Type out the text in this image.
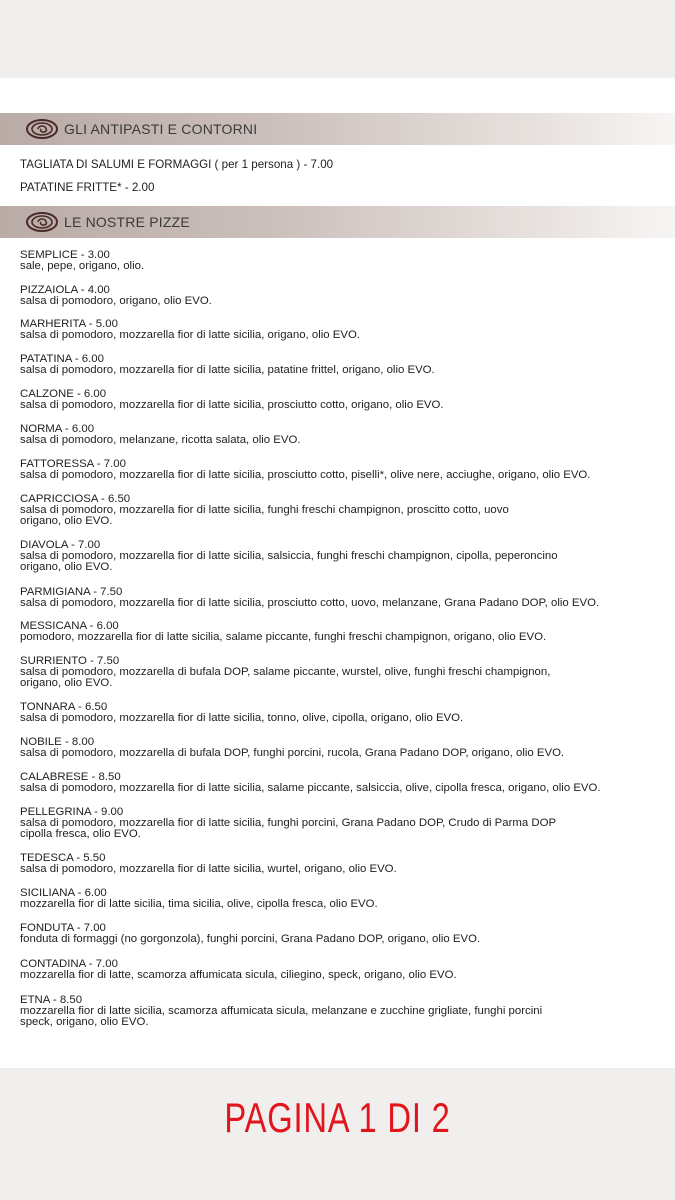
GLI ANTIPASTI E CONTORNI
TAGLIATA DI SALUMI E FORMAGGI ( per 1 persona ) - 7.00
PATATINE FRITTE* - 2.00
LE NOSTRE PIZZE
SEMPLICE - 3.00
sale, pepe, origano, olio.
PIZZAIOLA - 4.00
salsa di pomodoro, origano, olio EVO.
MARHERITA - 5.00
salsa di pomodoro, mozzarella fior di latte sicilia, origano, olio EVO.
PATATINA - 6.00
salsa di pomodoro, mozzarella fior di latte sicilia, patatine frittel, origano, olio EVO.
CALZONE - 6.00
salsa di pomodoro, mozzarella fior di latte sicilia, prosciutto cotto, origano, olio EVO.
NORMA - 6.00
salsa di pomodoro, melanzane, ricotta salata, olio EVO.
FATTORESSA - 7.00
salsa di pomodoro, mozzarella fior di latte sicilia, prosciutto cotto, piselli*, olive nere, acciughe, origano, olio EVO.
CAPRICCIOSA - 6.50
salsa di pomodoro, mozzarella fior di latte sicilia, funghi freschi champignon, proscitto cotto, uovo
origano, olio EVO.
DIAVOLA - 7.00
salsa di pomodoro, mozzarella fior di latte sicilia, salsiccia, funghi freschi champignon, cipolla, peperoncino
origano, olio EVO.
PARMIGIANA - 7.50
salsa di pomodoro, mozzarella fior di latte sicilia, prosciutto cotto, uovo, melanzane, Grana Padano DOP, olio EVO.
MESSICANA - 6.00
pomodoro, mozzarella fior di latte sicilia, salame piccante, funghi freschi champignon, origano, olio EVO.
SURRIENTO - 7.50
salsa di pomodoro, mozzarella di bufala DOP, salame piccante, wurstel, olive, funghi freschi champignon,
origano, olio EVO.
TONNARA - 6.50
salsa di pomodoro, mozzarella fior di latte sicilia, tonno, olive, cipolla, origano, olio EVO.
NOBILE - 8.00
salsa di pomodoro, mozzarella di bufala DOP, funghi porcini, rucola, Grana Padano DOP, origano, olio EVO.
CALABRESE - 8.50
salsa di pomodoro, mozzarella fior di latte sicilia, salame piccante, salsiccia, olive, cipolla fresca, origano, olio EVO.
PELLEGRINA - 9.00
salsa di pomodoro, mozzarella fior di latte sicilia, funghi porcini, Grana Padano DOP, Crudo di Parma DOP
cipolla fresca, olio EVO.
TEDESCA - 5.50
salsa di pomodoro, mozzarella fior di latte sicilia, wurtel, origano, olio EVO.
SICILIANA - 6.00
mozzarella fior di latte sicilia, tima sicilia, olive, cipolla fresca, olio EVO.
FONDUTA - 7.00
fonduta di formaggi (no gorgonzola), funghi porcini, Grana Padano DOP, origano, olio EVO.
CONTADINA - 7.00
mozzarella fior di latte, scamorza affumicata sicula, ciliegino, speck, origano, olio EVO.
ETNA - 8.50
mozzarella fior di latte sicilia, scamorza affumicata sicula, melanzane e zucchine grigliate, funghi porcini
speck, origano, olio EVO.
PAGINA 1 DI 2
